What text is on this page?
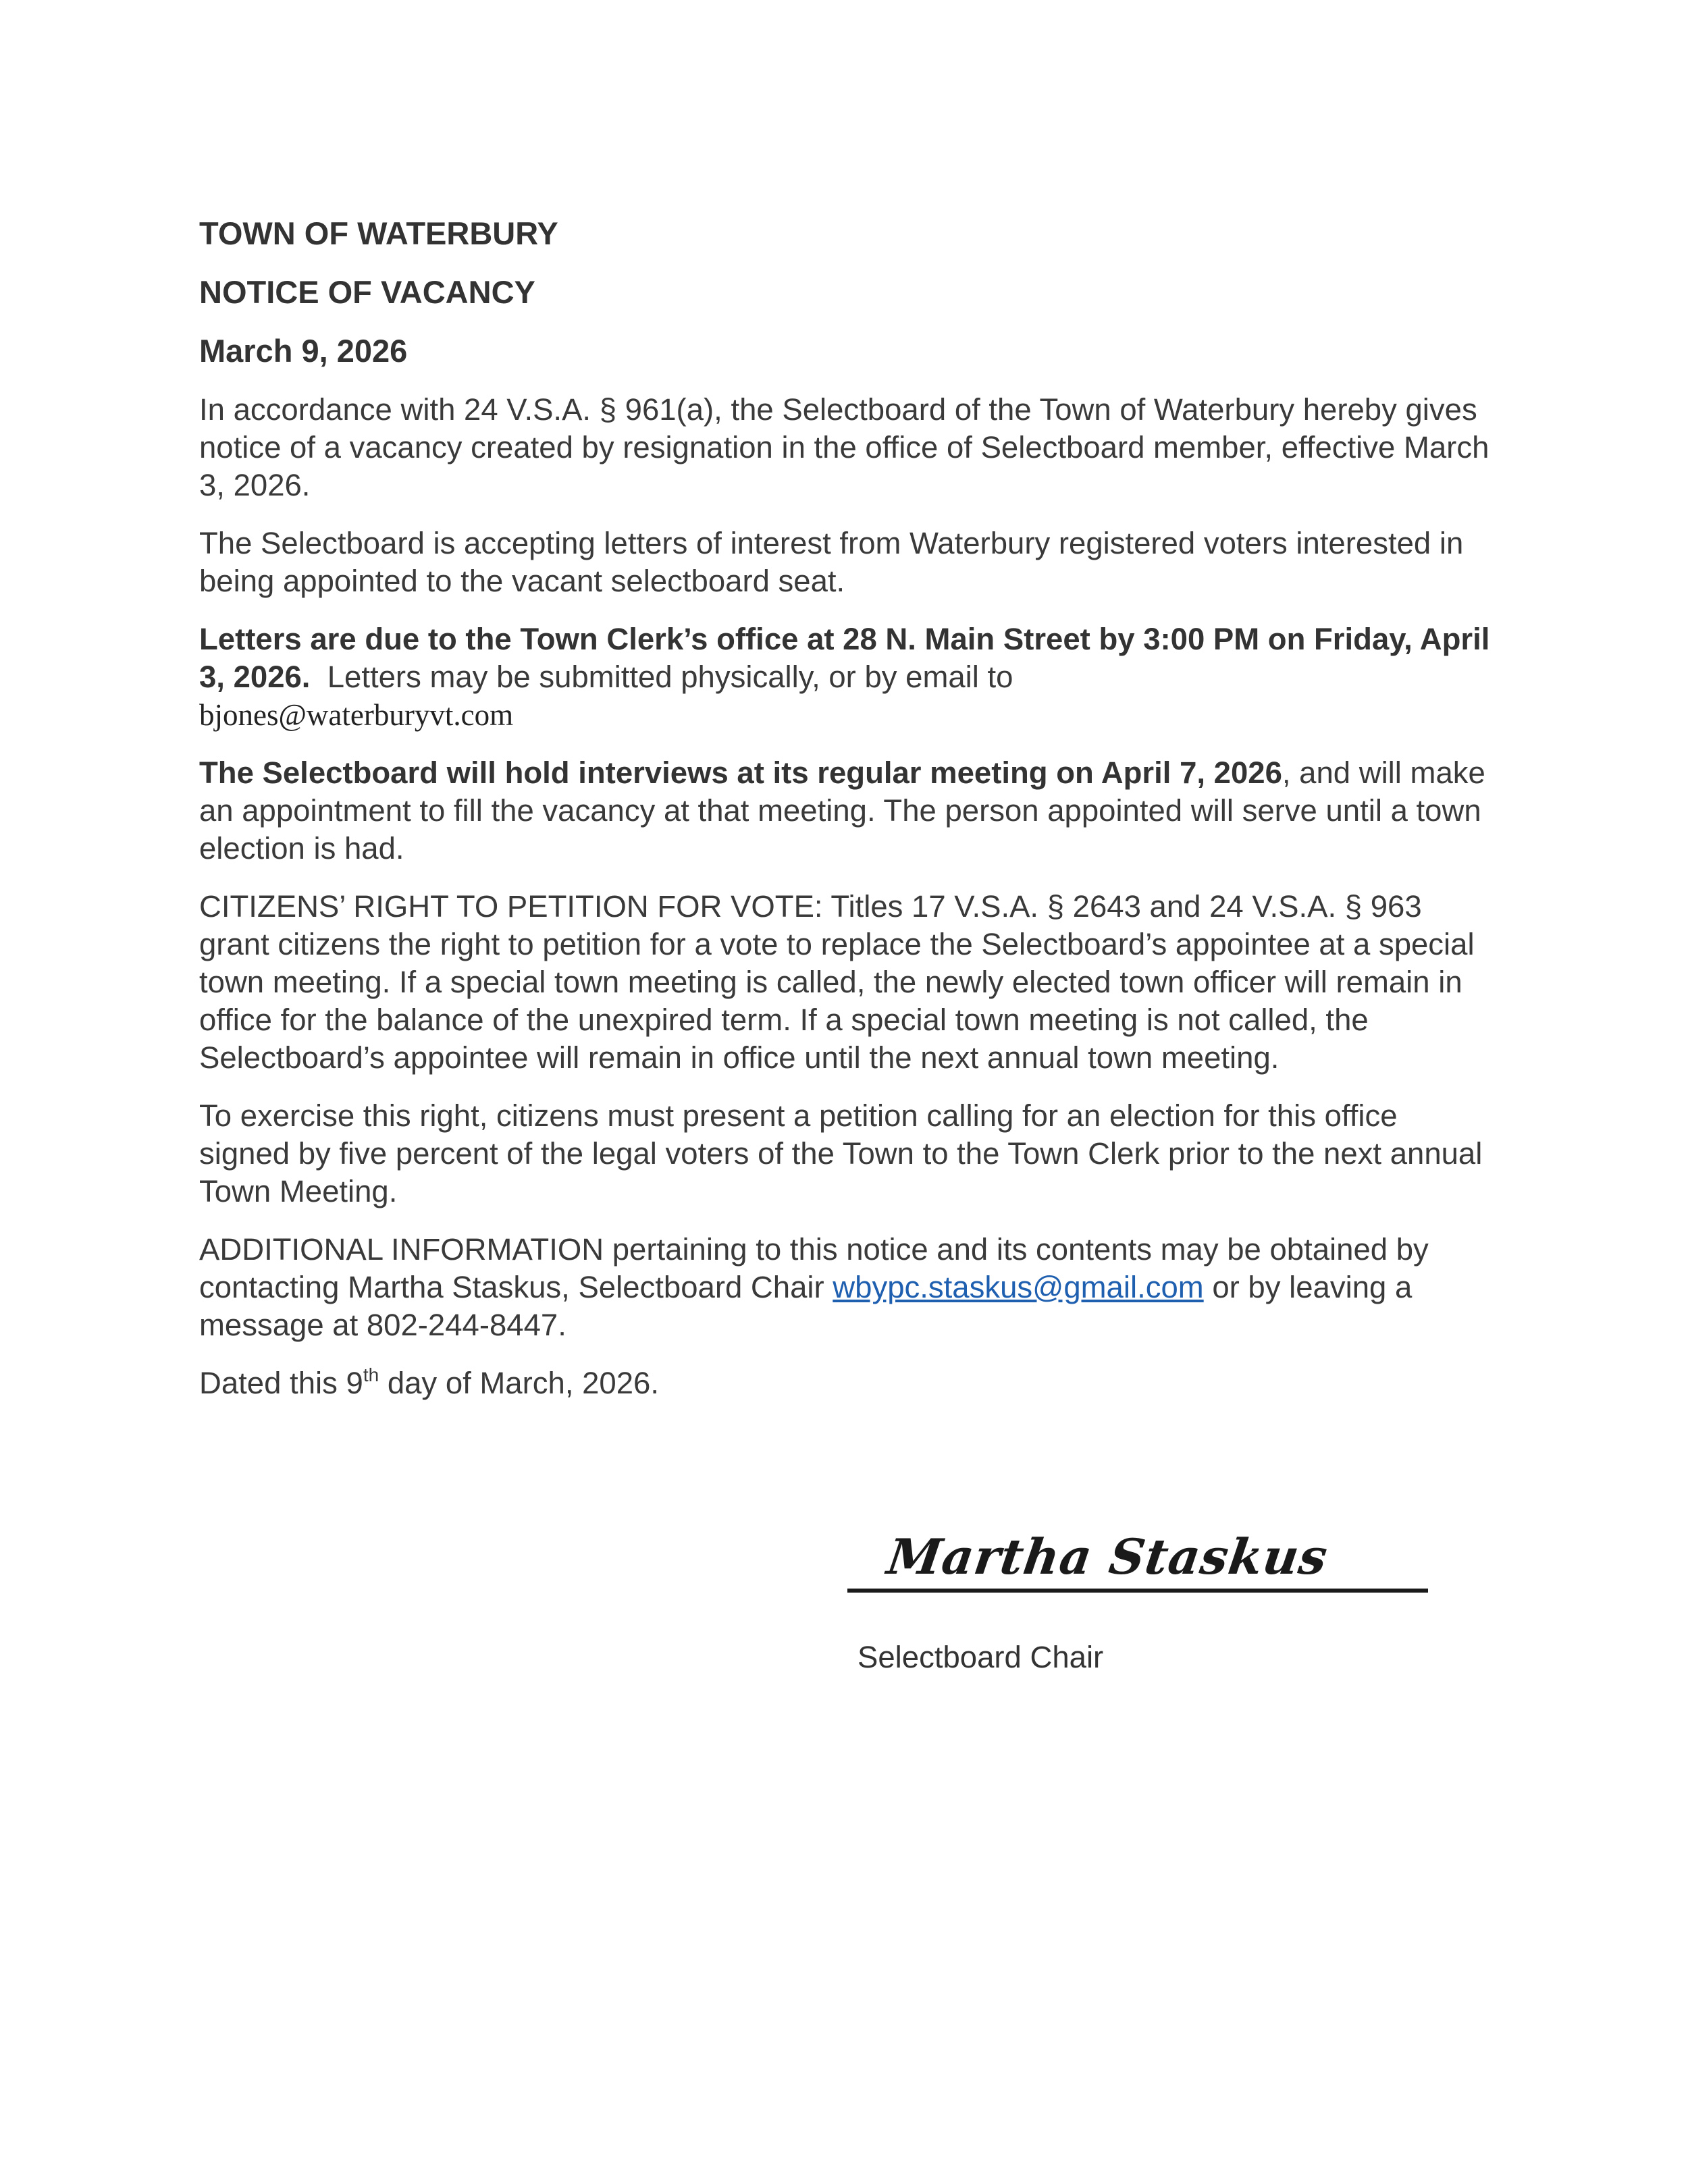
TOWN OF WATERBURY
NOTICE OF VACANCY
March 9, 2026

In accordance with 24 V.S.A. § 961(a), the Selectboard of the Town of Waterbury hereby gives notice of a vacancy created by resignation in the office of Selectboard member, effective March 3, 2026.

The Selectboard is accepting letters of interest from Waterbury registered voters interested in being appointed to the vacant selectboard seat.

Letters are due to the Town Clerk’s office at 28 N. Main Street by 3:00 PM on Friday, April 3, 2026.  Letters may be submitted physically, or by email to
bjones@waterburyvt.com

The Selectboard will hold interviews at its regular meeting on April 7, 2026, and will make an appointment to fill the vacancy at that meeting. The person appointed will serve until a town election is had.

CITIZENS’ RIGHT TO PETITION FOR VOTE: Titles 17 V.S.A. § 2643 and 24 V.S.A. § 963 grant citizens the right to petition for a vote to replace the Selectboard’s appointee at a special town meeting. If a special town meeting is called, the newly elected town officer will remain in office for the balance of the unexpired term. If a special town meeting is not called, the Selectboard’s appointee will remain in office until the next annual town meeting.

To exercise this right, citizens must present a petition calling for an election for this office signed by five percent of the legal voters of the Town to the Town Clerk prior to the next annual Town Meeting.

ADDITIONAL INFORMATION pertaining to this notice and its contents may be obtained by contacting Martha Staskus, Selectboard Chair wbypc.staskus@gmail.com or by leaving a message at 802-244-8447.

Dated this 9th day of March, 2026.

Martha Staskus
Selectboard Chair
